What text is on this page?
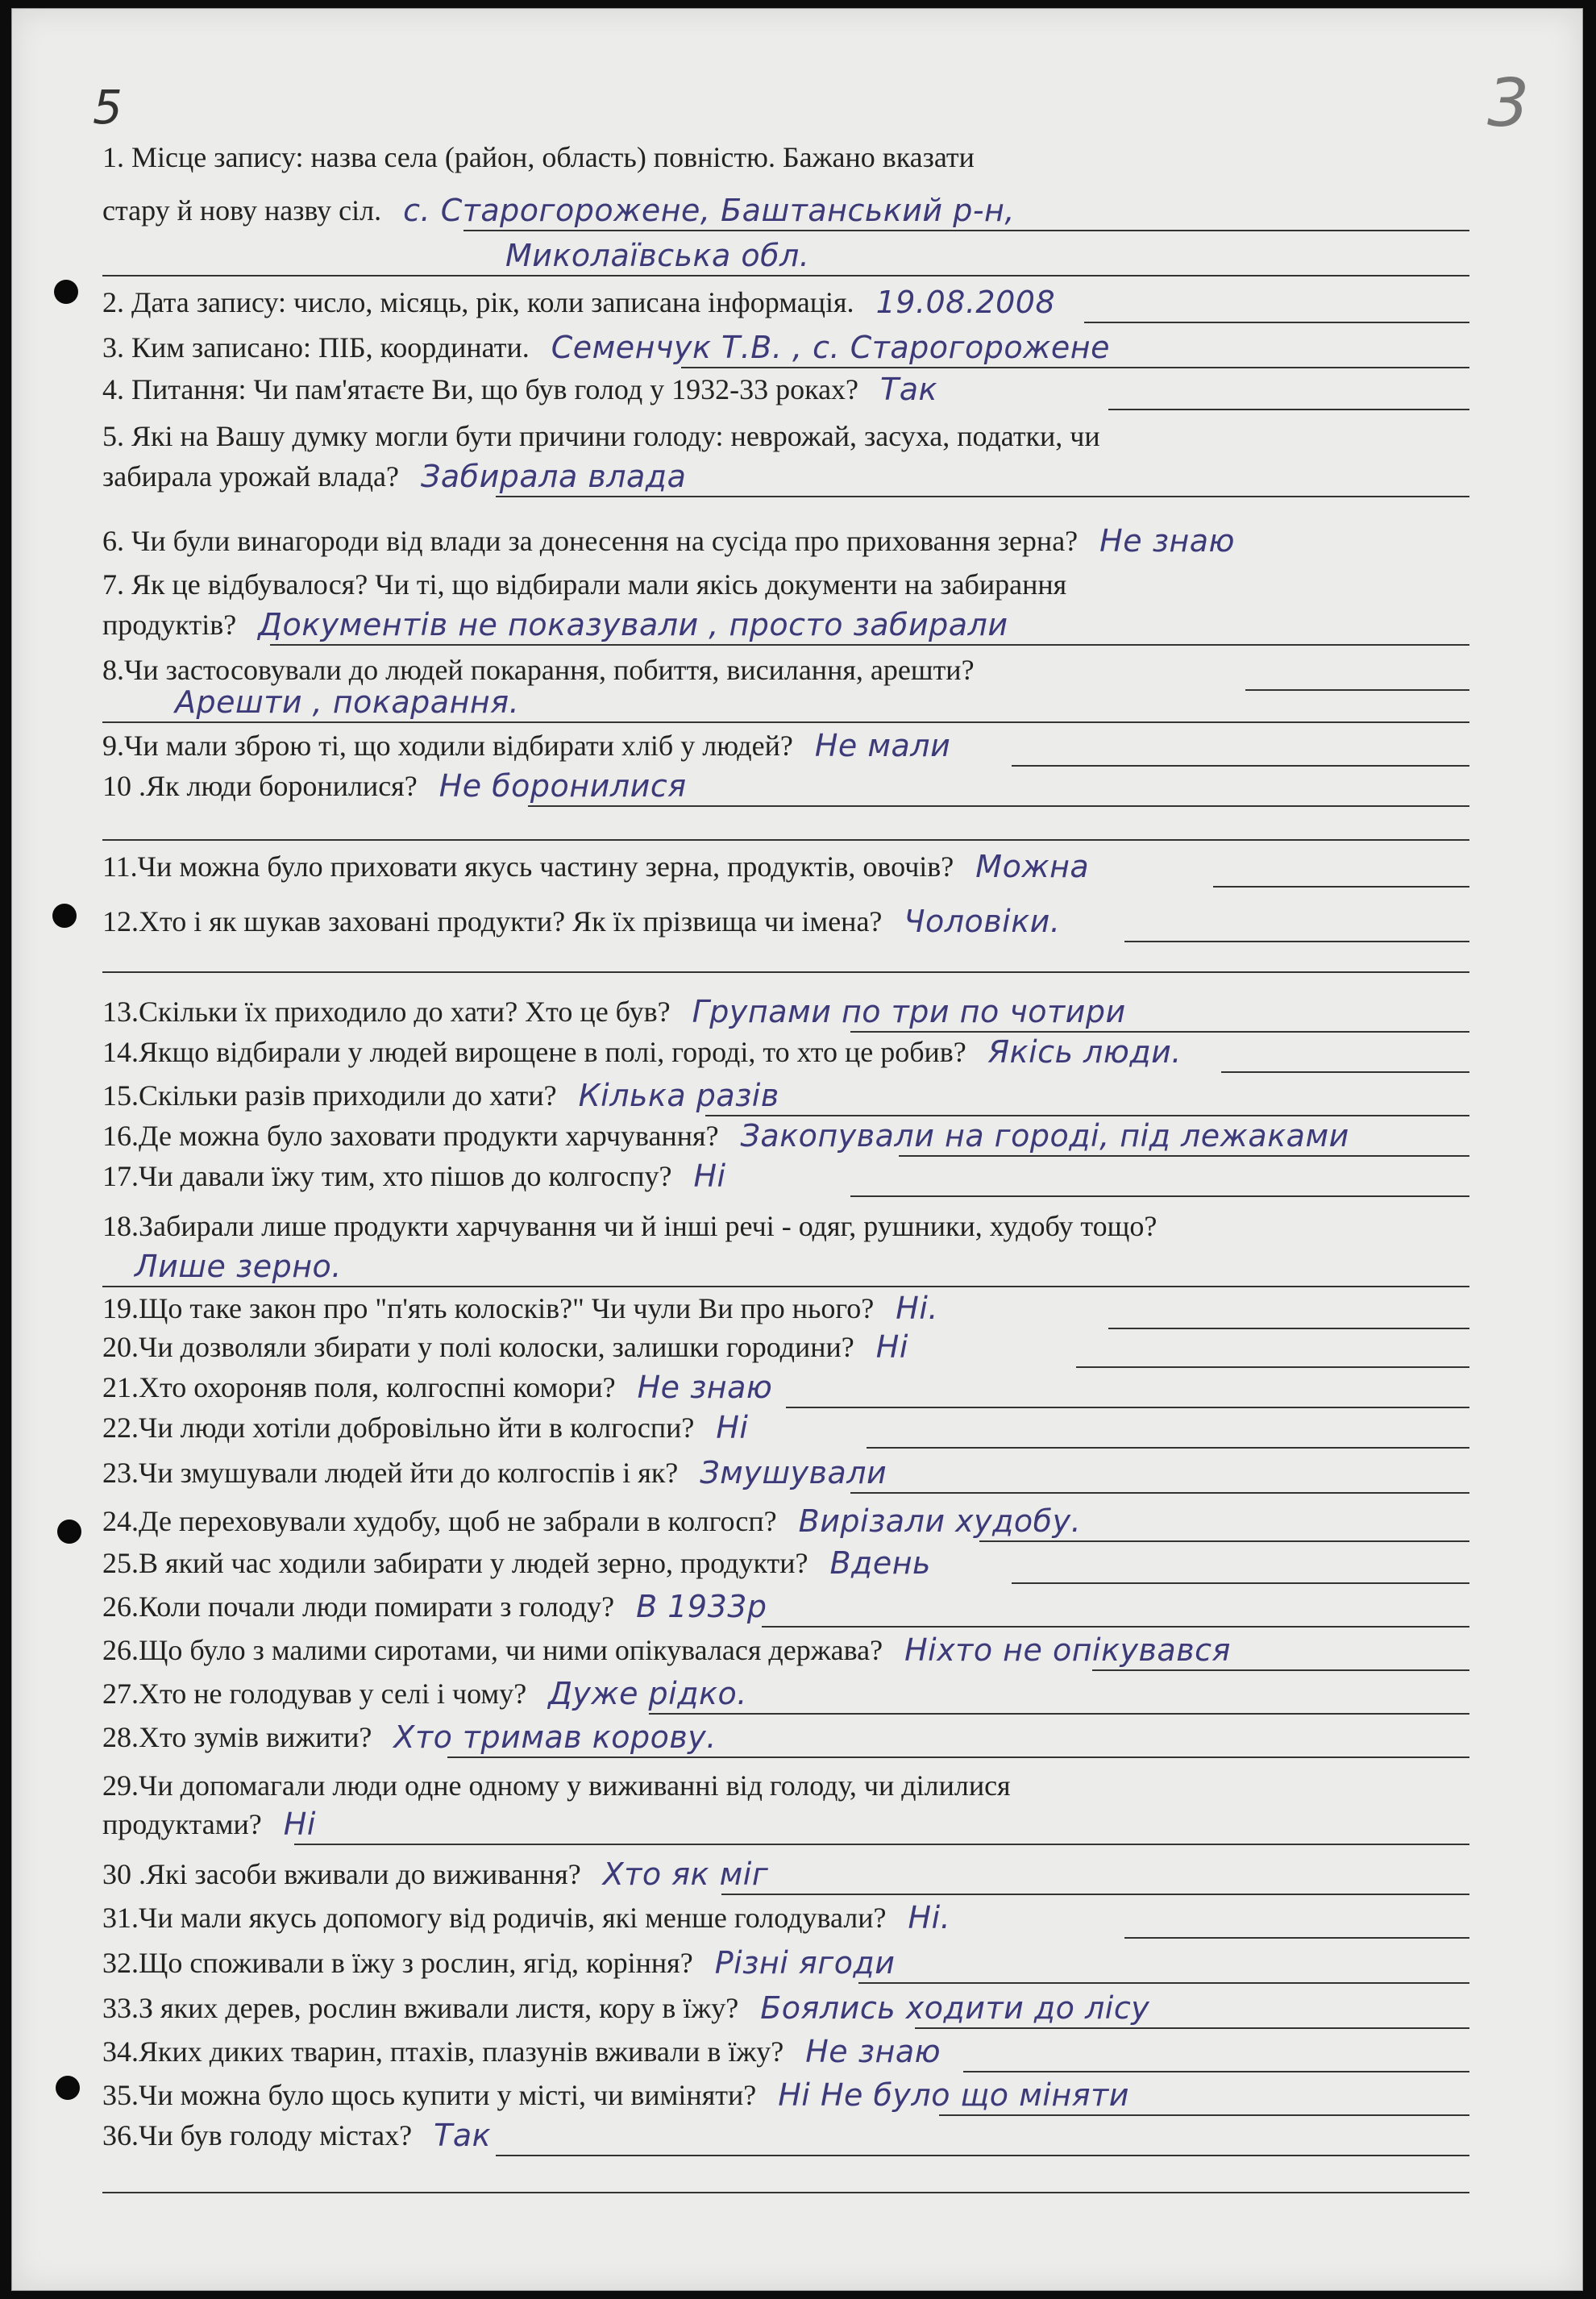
5	3
1. Місце запису: назва села (район, область) повністю. Бажано вказати
стару й нову назву сіл. с. Старогорожене, Баштанський р-н,
Миколаївська обл.
2. Дата запису: число, місяць, рік, коли записана інформація. 19.08.2008
3. Ким записано: ПІБ, координати. Семенчук Т.В. , с. Старогорожене
4. Питання: Чи пам'ятаєте Ви, що був голод у 1932-33 роках? Так
5. Які на Вашу думку могли бути причини голоду: неврожай, засуха, податки, чи
забирала урожай влада? Забирала влада
6. Чи були винагороди від влади за донесення на сусіда про приховання зерна? Не знаю
7. Як це відбувалося? Чи ті, що відбирали мали якісь документи на забирання
продуктів? Документів не показували , просто забирали
8.Чи застосовували до людей покарання, побиття, висилання, арешти?
Арешти , покарання.
9.Чи мали зброю ті, що ходили відбирати хліб у людей? Не мали
10 .Як люди боронилися? Не боронилися
11.Чи можна було приховати якусь частину зерна, продуктів, овочів? Можна
12.Хто і як шукав заховані продукти? Як їх прізвища чи імена? Чоловіки.
13.Скільки їх приходило до хати? Хто це був? Групами по три по чотири
14.Якщо відбирали у людей вирощене в полі, городі, то хто це робив? Якісь люди.
15.Скільки разів приходили до хати? Кілька разів
16.Де можна було заховати продукти харчування? Закопували на городі, під лежаками
17.Чи давали їжу тим, хто пішов до колгоспу? Ні
18.Забирали лише продукти харчування чи й інші речі - одяг, рушники, худобу тощо?
Лише зерно.
19.Що таке закон про "п'ять колосків?" Чи чули Ви про нього? Ні.
20.Чи дозволяли збирати у полі колоски, залишки городини? Ні
21.Хто охороняв поля, колгоспні комори? Не знаю
22.Чи люди хотіли добровільно йти в колгоспи? Ні
23.Чи змушували людей йти до колгоспів і як? Змушували
24.Де переховували худобу, щоб не забрали в колгосп? Вирізали худобу.
25.В який час ходили забирати у людей зерно, продукти? Вдень
26.Коли почали люди помирати з голоду? В 1933р
26.Що було з малими сиротами, чи ними опікувалася держава? Ніхто не опікувався
27.Хто не голодував у селі і чому? Дуже рідко.
28.Хто зумів вижити? Хто тримав корову.
29.Чи допомагали люди одне одному у виживанні від голоду, чи ділилися
продуктами? Ні
30 .Які засоби вживали до виживання? Хто як міг
31.Чи мали якусь допомогу від родичів, які менше голодували? Ні.
32.Що споживали в їжу з рослин, ягід, коріння? Різні ягоди
33.З яких дерев, рослин вживали листя, кору в їжу? Боялись ходити до лісу
34.Яких диких тварин, птахів, плазунів вживали в їжу? Не знаю
35.Чи можна було щось купити у місті, чи виміняти? Ні Не було що міняти
36.Чи був голоду містах? Так
